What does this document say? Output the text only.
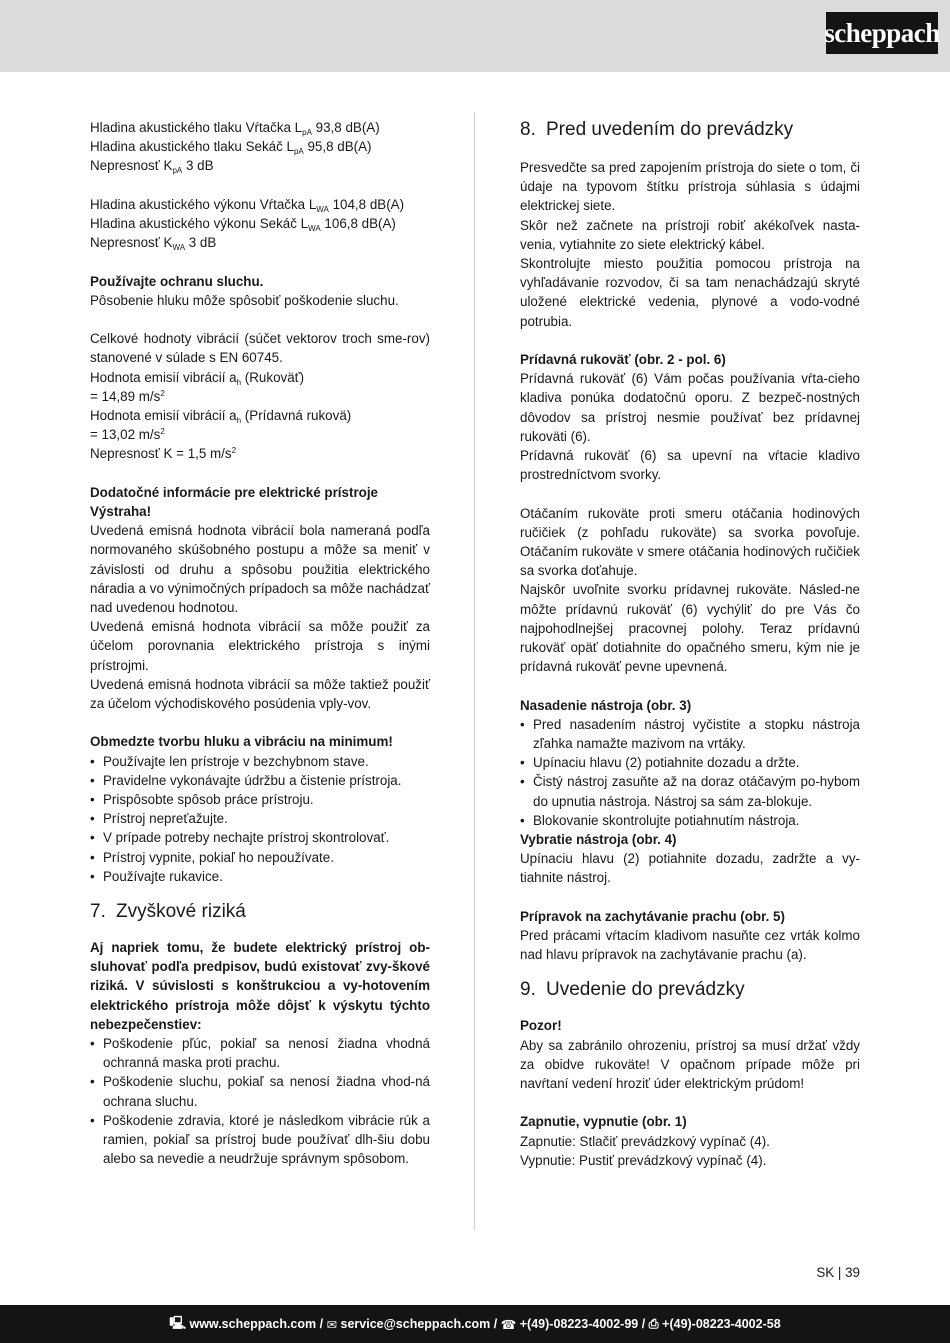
scheppach

Hladina akustického tlaku Vŕtačka $L_{pA}$ 93,8 dB(A)

Hladina akustického tlaku Sekáč $L_{pA}$ 95,8 dB(A)

Nepresnosť $K_{pA}$ 3 dB

Hladina akustického výkonu Vŕtačka $L_{WA}$ 104,8 dB(A)

Hladina akustického výkonu Sekáč $L_{WA}$ 106,8 dB(A)

Nepresnosť $K_{WA}$ 3 dB

Používajte ochranu sluchu.

Pôsobenie hluku môže spôsobiť poškodenie sluchu.

Celkové hodnoty vibrácií (súčet vektorov troch sme-rov) stanovené v súlade s EN 60745.

Hodnota emisií vibrácií $a_h$ (Rukoväť)

= 14,89 $m/s^2$

Hodnota emisií vibrácií $a_h$ (Prídavná rukovä)

= 13,02 $m/s^2$

Nepresnosť K = 1,5 $m/s^2$

Dodatočné informácie pre elektrické prístroje

Výstraha!

Uvedená emisná hodnota vibrácií bola nameraná podľa normovaného skúšobného postupu a môže sa meniť v závislosti od druhu a spôsobu použitia elektrického náradia a vo výnimočných prípadoch sa môže nachádzať nad uvedenou hodnotou.

Uvedená emisná hodnota vibrácií sa môže použiť za účelom porovnania elektrického prístroja s inými prístrojmi.

Uvedená emisná hodnota vibrácií sa môže taktiež použiť za účelom východiskového posúdenia vply-vov.

Obmedzte tvorbu hluku a vibráciu na minimum!

• Používajte len prístroje v bezchybnom stave.
• Pravidelne vykonávajte údržbu a čistenie prístroja.
• Prispôsobte spôsob práce prístroju.
• Prístroj nepreťažujte.
• V prípade potreby nechajte prístroj skontrolovať.
• Prístroj vypnite, pokiaľ ho nepoužívate.
• Používajte rukavice.

7. Zvyškové riziká

Aj napriek tomu, že budete elektrický prístroj ob-sluhovať podľa predpisov, budú existovať zvy-škové riziká. V súvislosti s konštrukciou a vy-hotovením elektrického prístroja môže dôjsť k výskytu týchto nebezpečenstiev:

• Poškodenie pľúc, pokiaľ sa nenosí žiadna vhodná ochranná maska proti prachu.
• Poškodenie sluchu, pokiaľ sa nenosí žiadna vhod-ná ochrana sluchu.
• Poškodenie zdravia, ktoré je následkom vibrácie rúk a ramien, pokiaľ sa prístroj bude používať dlh-šiu dobu alebo sa nevedie a neudržuje správnym spôsobom.

8. Pred uvedením do prevádzky

Presvedčte sa pred zapojením prístroja do siete o tom, či údaje na typovom štítku prístroja súhlasia s údajmi elektrickej siete.

Skôr než začnete na prístroji robiť akékoľvek nasta-venia, vytiahnite zo siete elektrický kábel.

Skontrolujte miesto použitia pomocou prístroja na vyhľadávanie rozvodov, či sa tam nenachádzajú skryté uložené elektrické vedenia, plynové a vodo-vodné potrubia.

Prídavná rukoväť (obr. 2 - pol. 6)

Prídavná rukoväť (6) Vám počas používania vŕta-cieho kladiva ponúka dodatočnú oporu. Z bezpeč-nostných dôvodov sa prístroj nesmie používať bez prídavnej rukoväti (6).

Prídavná rukoväť (6) sa upevní na vŕtacie kladivo prostredníctvom svorky.

Otáčaním rukoväte proti smeru otáčania hodinových ručičiek (z pohľadu rukoväte) sa svorka povoľuje. Otáčaním rukoväte v smere otáčania hodinových ručičiek sa svorka doťahuje.

Najskôr uvoľnite svorku prídavnej rukoväte. Násled-ne môžte prídavnú rukoväť (6) vychýliť do pre Vás čo najpohodlnejšej pracovnej polohy. Teraz prídavnú rukoväť opäť dotiahnite do opačného smeru, kým nie je prídavná rukoväť pevne upevnená.

Nasadenie nástroja (obr. 3)

• Pred nasadením nástroj vyčistite a stopku nástroja zľahka namažte mazivom na vrtáky.
• Upínaciu hlavu (2) potiahnite dozadu a držte.
• Čistý nástroj zasuňte až na doraz otáčavým po-hybom do upnutia nástroja. Nástroj sa sám za-blokuje.
• Blokovanie skontrolujte potiahnutím nástroja.

Vybratie nástroja (obr. 4)

Upínaciu hlavu (2) potiahnite dozadu, zadržte a vy-tiahnite nástroj.

Prípravok na zachytávanie prachu (obr. 5)

Pred prácami vŕtacím kladivom nasuňte cez vrták kolmo nad hlavu prípravok na zachytávanie prachu (a).

9. Uvedenie do prevádzky

Pozor!

Aby sa zabránilo ohrozeniu, prístroj sa musí držať vždy za obidve rukoväte! V opačnom prípade môže pri navŕtaní vedení hroziť úder elektrickým prúdom!

Zapnutie, vypnutie (obr. 1)

Zapnutie: Stlačiť prevádzkový vypínač (4).

Vypnutie: Pustiť prevádzkový vypínač (4).

SK | 39
🖳 www.scheppach.com / ✉ service@scheppach.com / ☎ +(49)-08223-4002-99 / ⎙ +(49)-08223-4002-58
